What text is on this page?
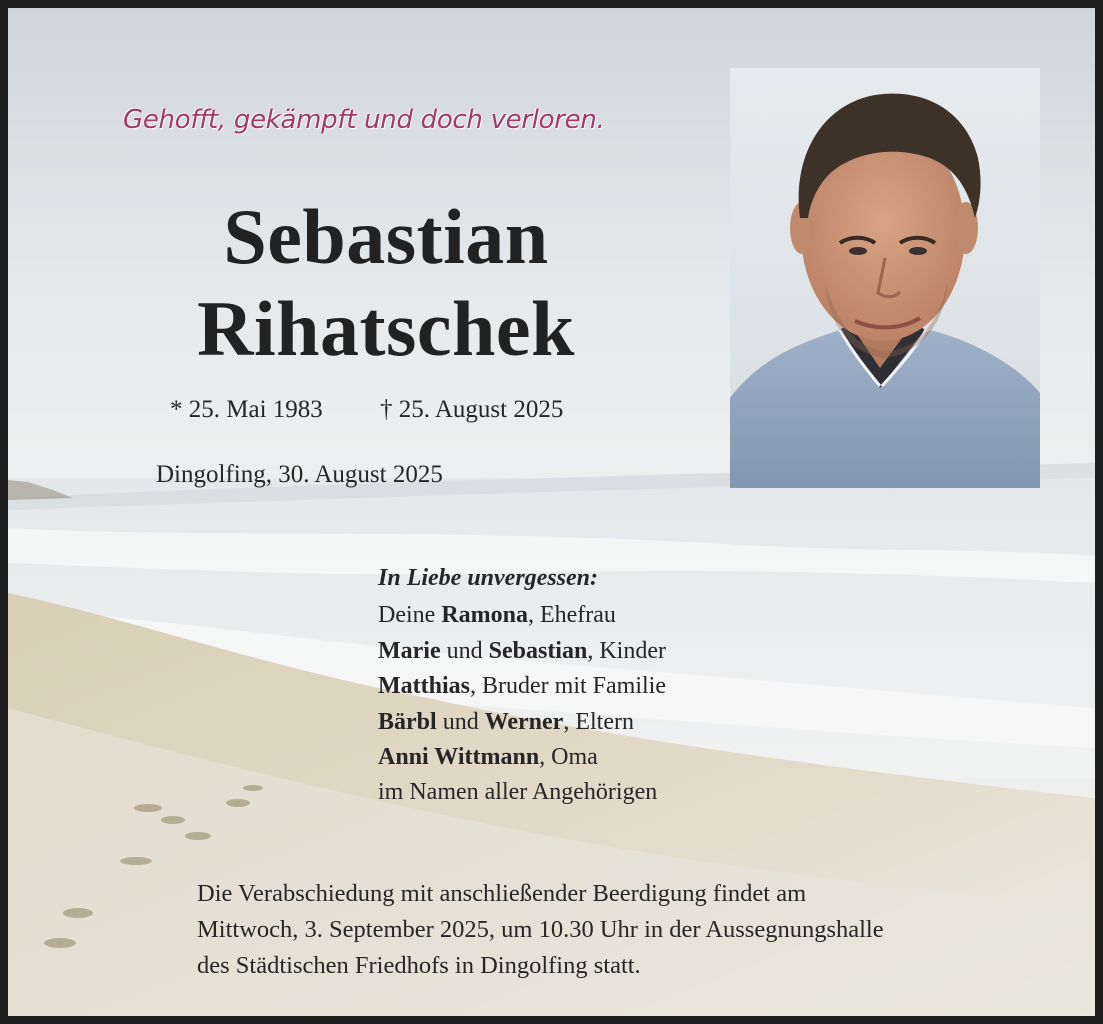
Gehofft, gekämpft und doch verloren.
Sebastian
Rihatschek
* 25. Mai 1983 † 25. August 2025
Dingolfing, 30. August 2025
In Liebe unvergessen:
Deine Ramona, Ehefrau
Marie und Sebastian, Kinder
Matthias, Bruder mit Familie
Bärbl und Werner, Eltern
Anni Wittmann, Oma
im Namen aller Angehörigen
Die Verabschiedung mit anschließender Beerdigung findet am
Mittwoch, 3. September 2025, um 10.30 Uhr in der Aussegnungshalle
des Städtischen Friedhofs in Dingolfing statt.
